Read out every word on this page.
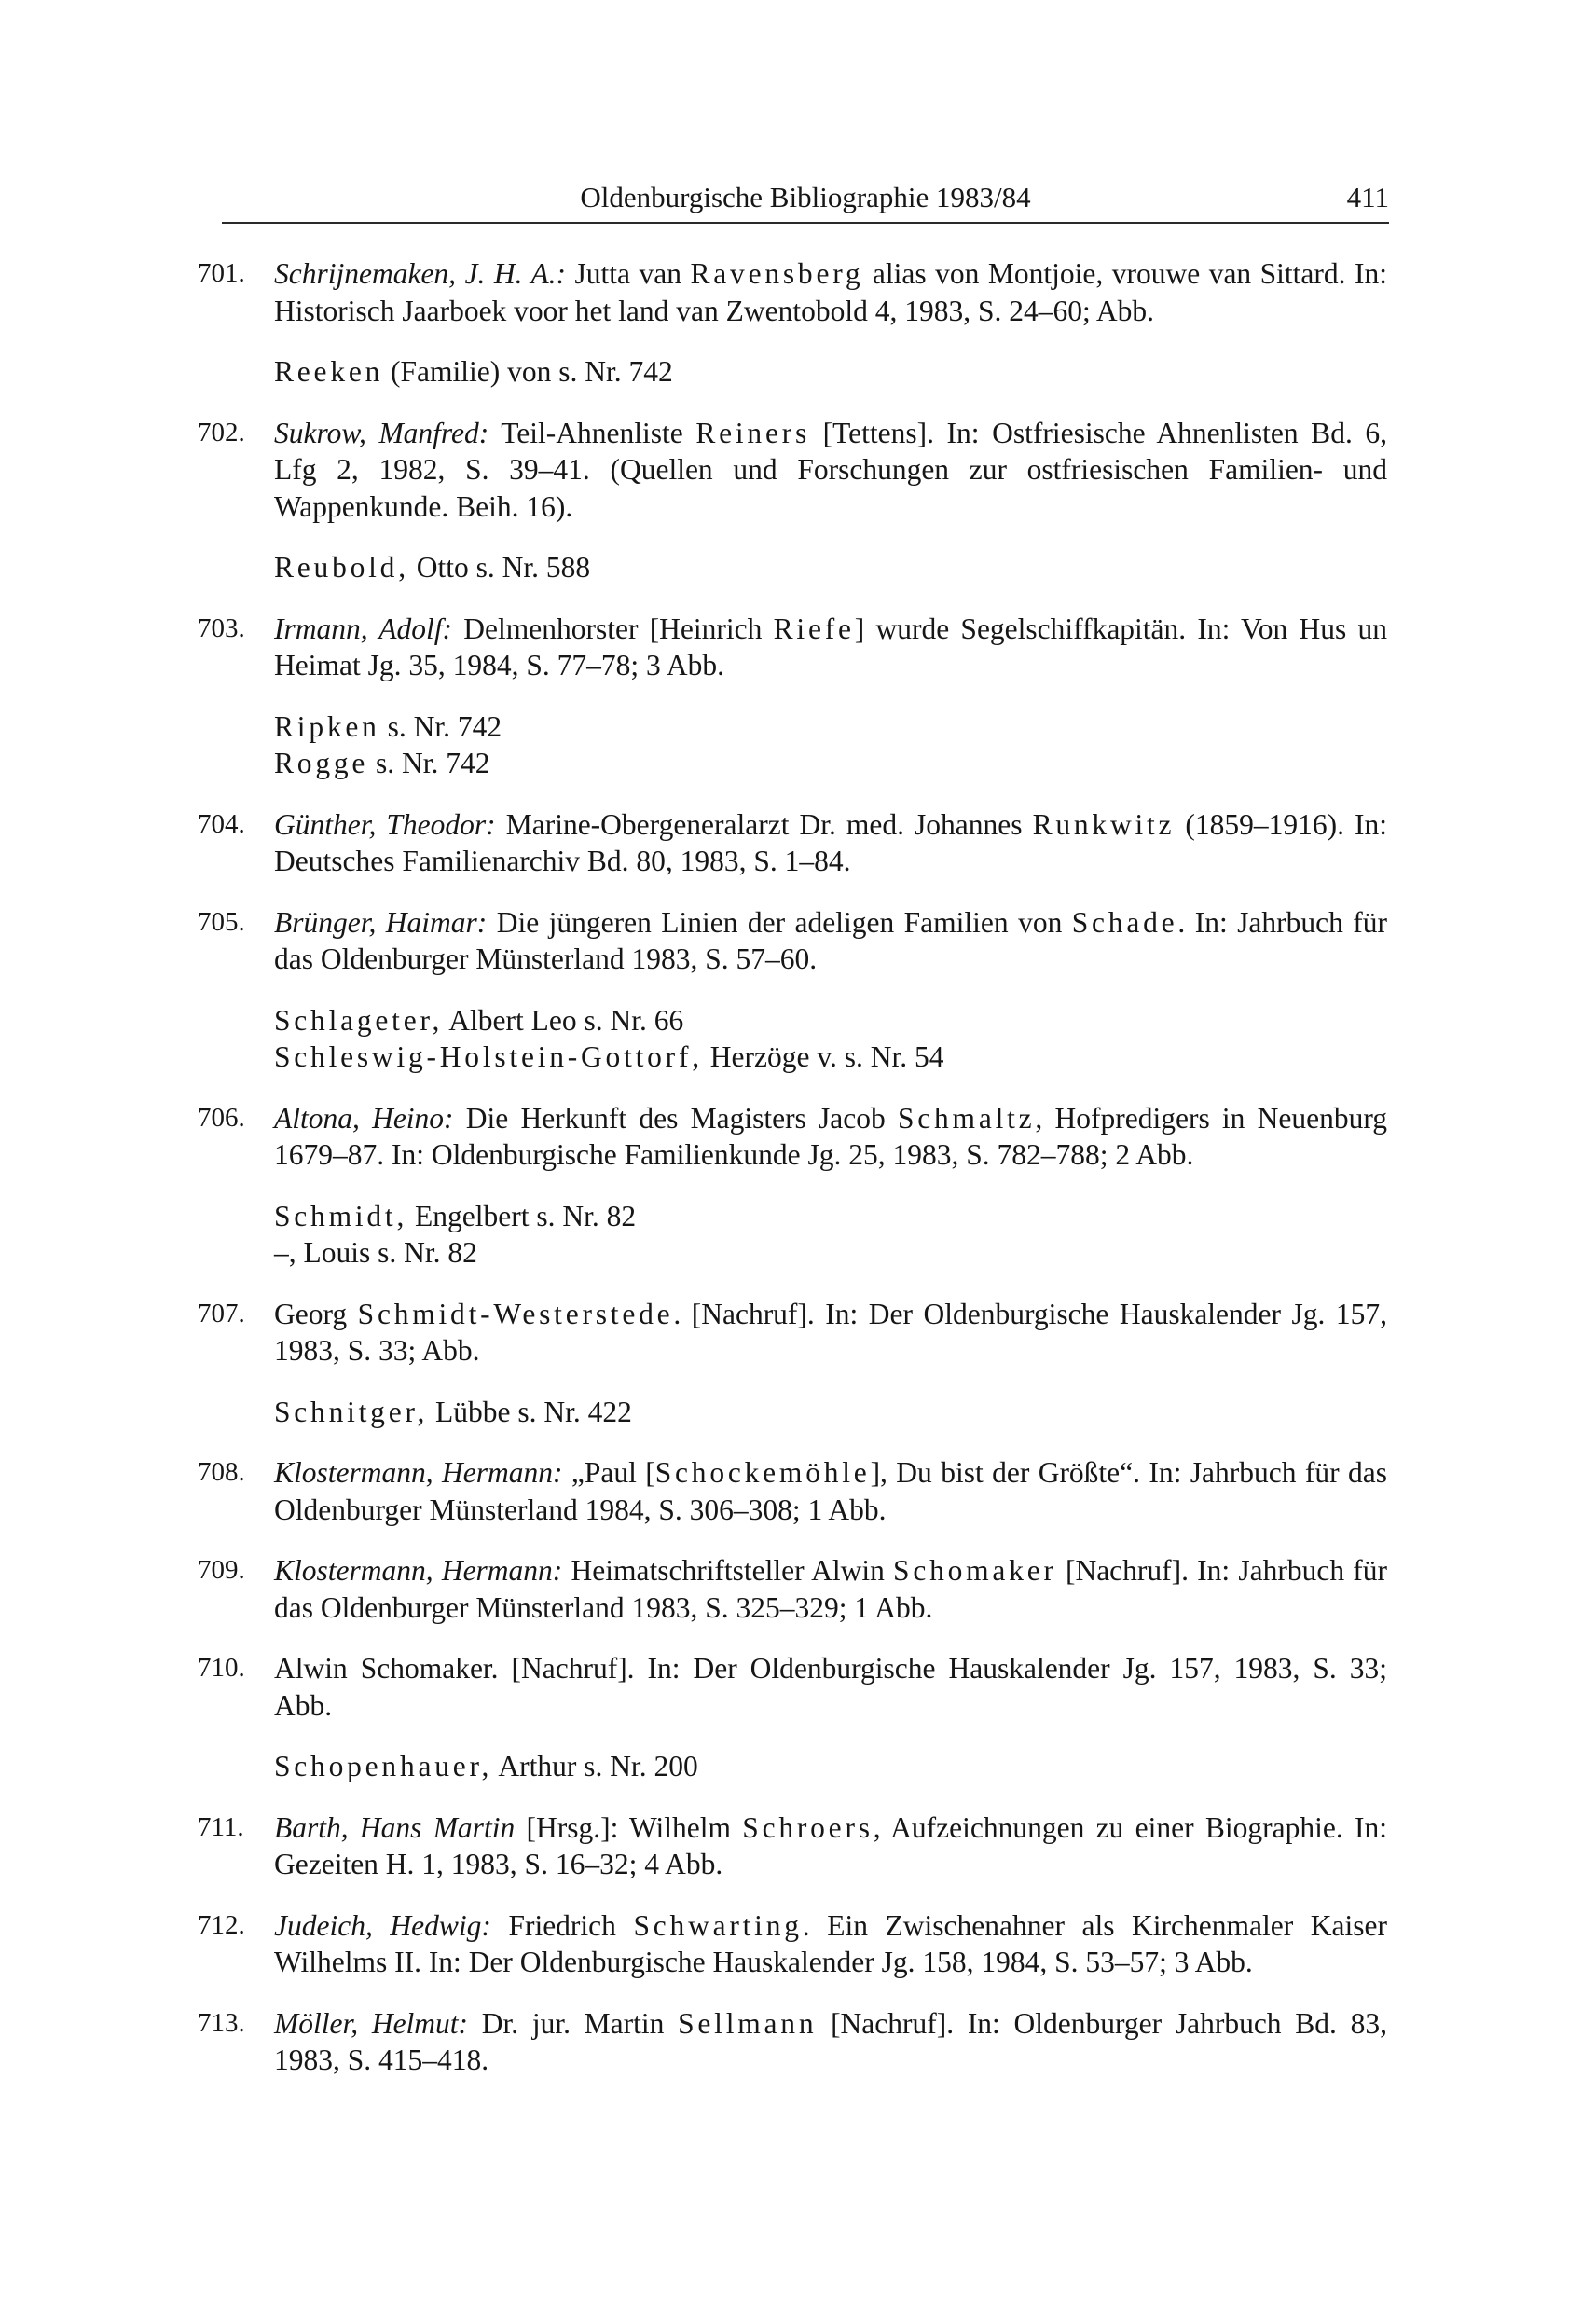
Oldenburgische Bibliographie 1983/84	411
701. Schrijnemaken, J. H. A.: Jutta van Ravensberg alias von Montjoie, vrouwe van Sittard. In: Historisch Jaarboek voor het land van Zwentobold 4, 1983, S. 24–60; Abb.
Reeken (Familie) von s. Nr. 742
702. Sukrow, Manfred: Teil-Ahnenliste Reiners [Tettens]. In: Ostfriesische Ahnenlisten Bd. 6, Lfg 2, 1982, S. 39–41. (Quellen und Forschungen zur ostfriesischen Familien- und Wappenkunde. Beih. 16).
Reubold, Otto s. Nr. 588
703. Irmann, Adolf: Delmenhorster [Heinrich Riefe] wurde Segelschiffkapitän. In: Von Hus un Heimat Jg. 35, 1984, S. 77–78; 3 Abb.
Ripken s. Nr. 742
Rogge s. Nr. 742
704. Günther, Theodor: Marine-Obergeneralarzt Dr. med. Johannes Runkwitz (1859–1916). In: Deutsches Familienarchiv Bd. 80, 1983, S. 1–84.
705. Brünger, Haimar: Die jüngeren Linien der adeligen Familien von Schade. In: Jahrbuch für das Oldenburger Münsterland 1983, S. 57–60.
Schlageter, Albert Leo s. Nr. 66
Schleswig-Holstein-Gottorf, Herzöge v. s. Nr. 54
706. Altona, Heino: Die Herkunft des Magisters Jacob Schmaltz, Hofpredigers in Neuenburg 1679–87. In: Oldenburgische Familienkunde Jg. 25, 1983, S. 782–788; 2 Abb.
Schmidt, Engelbert s. Nr. 82
–, Louis s. Nr. 82
707. Georg Schmidt-Westerstede. [Nachruf]. In: Der Oldenburgische Hauskalender Jg. 157, 1983, S. 33; Abb.
Schnitger, Lübbe s. Nr. 422
708. Klostermann, Hermann: „Paul [Schockemöhle], Du bist der Größte“. In: Jahrbuch für das Oldenburger Münsterland 1984, S. 306–308; 1 Abb.
709. Klostermann, Hermann: Heimatschriftsteller Alwin Schomaker [Nachruf]. In: Jahrbuch für das Oldenburger Münsterland 1983, S. 325–329; 1 Abb.
710. Alwin Schomaker. [Nachruf]. In: Der Oldenburgische Hauskalender Jg. 157, 1983, S. 33; Abb.
Schopenhauer, Arthur s. Nr. 200
711.	Barth, Hans Martin [Hrsg.]: Wilhelm Schroers, Aufzeichnungen zu einer Biographie. In: Gezeiten H. 1, 1983, S. 16–32; 4 Abb.
712. Judeich, Hedwig: Friedrich Schwarting. Ein Zwischenahner als Kirchenmaler Kaiser Wilhelms II. In: Der Oldenburgische Hauskalender Jg. 158, 1984, S. 53–57; 3 Abb.
713. Möller, Helmut: Dr. jur. Martin Sellmann [Nachruf]. In: Oldenburger Jahrbuch Bd. 83, 1983, S. 415–418.
